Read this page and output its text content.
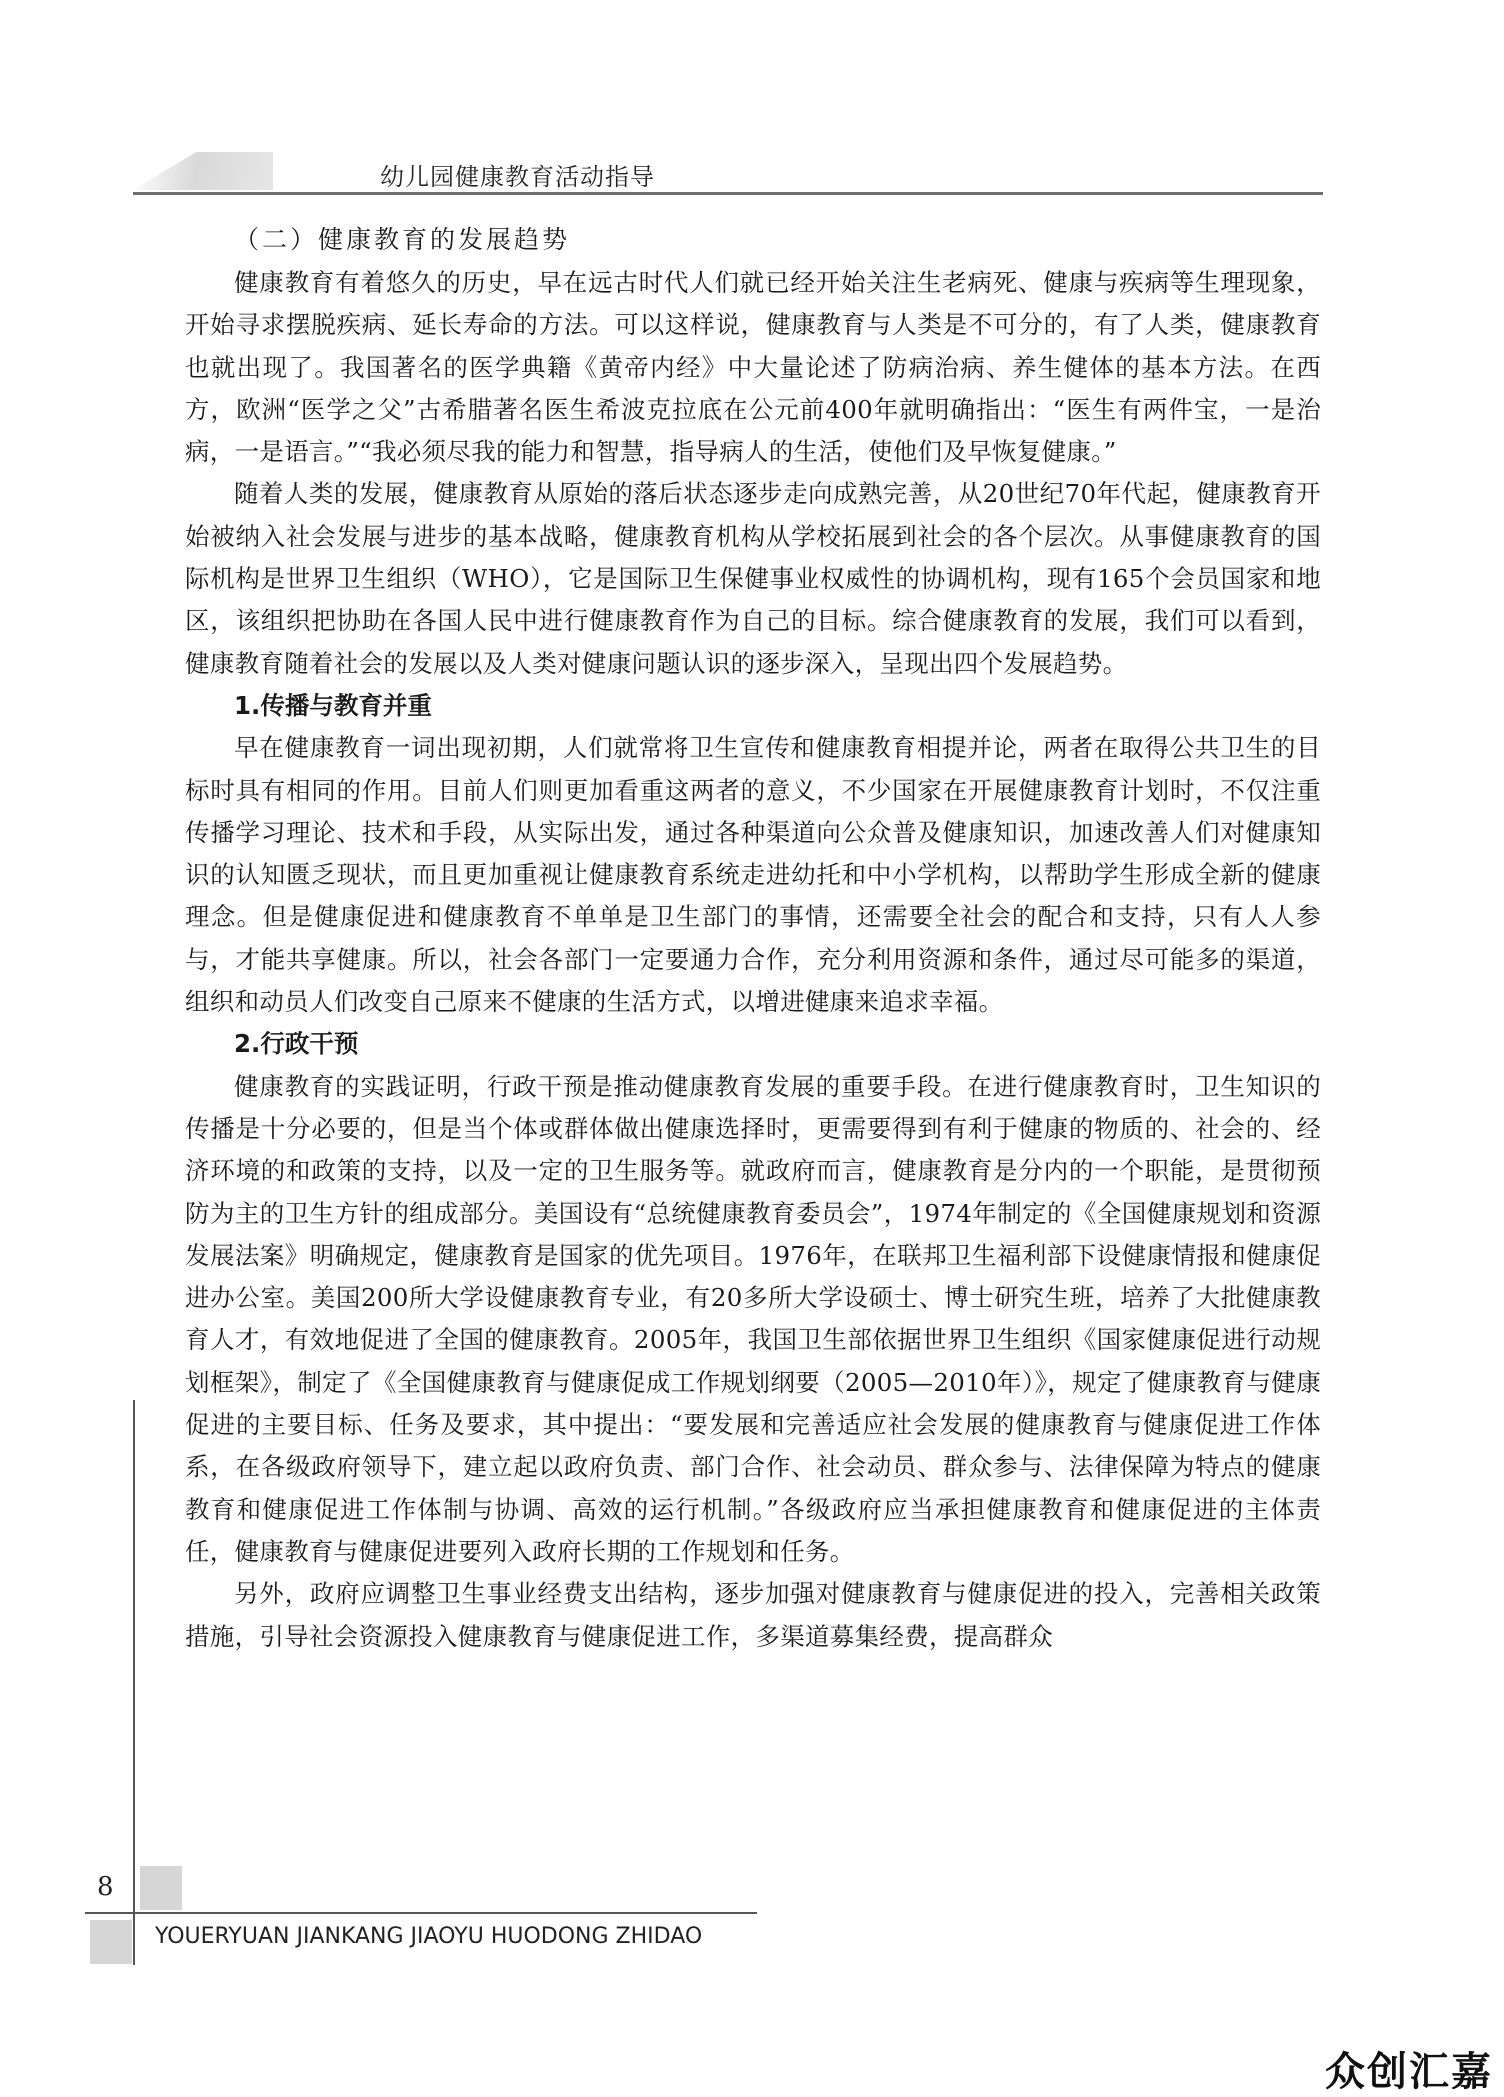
幼儿园健康教育活动指导
（二）健康教育的发展趋势

健康教育有着悠久的历史，早在远古时代人们就已经开始关注生老病死、健康与疾病等生理现象，开始寻求摆脱疾病、延长寿命的方法。可以这样说，健康教育与人类是不可分的，有了人类，健康教育也就出现了。我国著名的医学典籍《黄帝内经》中大量论述了防病治病、养生健体的基本方法。在西方，欧洲“医学之父”古希腊著名医生希波克拉底在公元前400年就明确指出：“医生有两件宝，一是治病，一是语言。”“我必须尽我的能力和智慧，指导病人的生活，使他们及早恢复健康。”

随着人类的发展，健康教育从原始的落后状态逐步走向成熟完善，从20世纪70年代起，健康教育开始被纳入社会发展与进步的基本战略，健康教育机构从学校拓展到社会的各个层次。从事健康教育的国际机构是世界卫生组织（WHO），它是国际卫生保健事业权威性的协调机构，现有165个会员国家和地区，该组织把协助在各国人民中进行健康教育作为自己的目标。综合健康教育的发展，我们可以看到，健康教育随着社会的发展以及人类对健康问题认识的逐步深入，呈现出四个发展趋势。

1.传播与教育并重

早在健康教育一词出现初期，人们就常将卫生宣传和健康教育相提并论，两者在取得公共卫生的目标时具有相同的作用。目前人们则更加看重这两者的意义，不少国家在开展健康教育计划时，不仅注重传播学习理论、技术和手段，从实际出发，通过各种渠道向公众普及健康知识，加速改善人们对健康知识的认知匮乏现状，而且更加重视让健康教育系统走进幼托和中小学机构，以帮助学生形成全新的健康理念。但是健康促进和健康教育不单单是卫生部门的事情，还需要全社会的配合和支持，只有人人参与，才能共享健康。所以，社会各部门一定要通力合作，充分利用资源和条件，通过尽可能多的渠道，组织和动员人们改变自己原来不健康的生活方式，以增进健康来追求幸福。

2.行政干预

健康教育的实践证明，行政干预是推动健康教育发展的重要手段。在进行健康教育时，卫生知识的传播是十分必要的，但是当个体或群体做出健康选择时，更需要得到有利于健康的物质的、社会的、经济环境的和政策的支持，以及一定的卫生服务等。就政府而言，健康教育是分内的一个职能，是贯彻预防为主的卫生方针的组成部分。美国设有“总统健康教育委员会”，1974年制定的《全国健康规划和资源发展法案》明确规定，健康教育是国家的优先项目。1976年，在联邦卫生福利部下设健康情报和健康促进办公室。美国200所大学设健康教育专业，有20多所大学设硕士、博士研究生班，培养了大批健康教育人才，有效地促进了全国的健康教育。2005年，我国卫生部依据世界卫生组织《国家健康促进行动规划框架》，制定了《全国健康教育与健康促成工作规划纲要（2005—2010年）》，规定了健康教育与健康促进的主要目标、任务及要求，其中提出：“要发展和完善适应社会发展的健康教育与健康促进工作体系，在各级政府领导下，建立起以政府负责、部门合作、社会动员、群众参与、法律保障为特点的健康教育和健康促进工作体制与协调、高效的运行机制。”各级政府应当承担健康教育和健康促进的主体责任，健康教育与健康促进要列入政府长期的工作规划和任务。

另外，政府应调整卫生事业经费支出结构，逐步加强对健康教育与健康促进的投入，完善相关政策措施，引导社会资源投入健康教育与健康促进工作，多渠道募集经费，提高群众

8
YOUERYUAN JIANKANG JIAOYU HUODONG ZHIDAO
众创汇嘉
